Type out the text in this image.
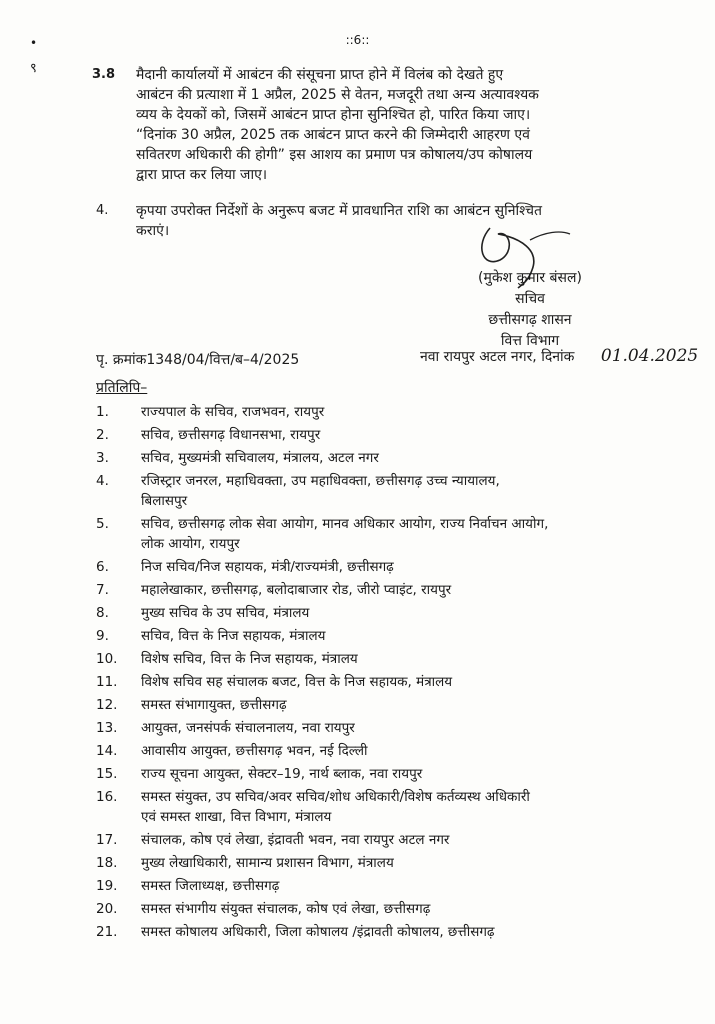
::6::
•
९	3.8 मैदानी कार्यालयों में आबंटन की संसूचना प्राप्त होने में विलंब को देखते हुए
आबंटन की प्रत्याशा में 1 अप्रैल, 2025 से वेतन, मजदूरी तथा अन्य अत्यावश्यक
व्यय के देयकों को, जिसमें आबंटन प्राप्त होना सुनिश्चित हो, पारित किया जाए।
“दिनांक 30 अप्रैल, 2025 तक आबंटन प्राप्त करने की जिम्मेदारी आहरण एवं
सवितरण अधिकारी की होगी” इस आशय का प्रमाण पत्र कोषालय/उप कोषालय
द्वारा प्राप्त कर लिया जाए।
4. कृपया उपरोक्त निर्देशों के अनुरूप बजट में प्रावधानित राशि का आबंटन सुनिश्चित
कराएं।
(मुकेश कुमार बंसल)
सचिव
छत्तीसगढ़ शासन
वित्त विभाग
पृ. क्रमांक1348/04/वित्त/ब–4/2025	नवा रायपुर अटल नगर, दिनांक 01.04.2025
प्रतिलिपि–
1.	राज्यपाल के सचिव, राजभवन, रायपुर
2.	सचिव, छत्तीसगढ़ विधानसभा, रायपुर
3.	सचिव, मुख्यमंत्री सचिवालय, मंत्रालय, अटल नगर
4.	रजिस्ट्रार जनरल, महाधिवक्ता, उप महाधिवक्ता, छत्तीसगढ़ उच्च न्यायालय,
बिलासपुर
5.	सचिव, छत्तीसगढ़ लोक सेवा आयोग, मानव अधिकार आयोग, राज्य निर्वाचन आयोग,
लोक आयोग, रायपुर
6.	निज सचिव/निज सहायक, मंत्री/राज्यमंत्री, छत्तीसगढ़
7.	महालेखाकार, छत्तीसगढ़, बलोदाबाजार रोड, जीरो प्वाइंट, रायपुर
8.	मुख्य सचिव के उप सचिव, मंत्रालय
9.	सचिव, वित्त के निज सहायक, मंत्रालय
10.	विशेष सचिव, वित्त के निज सहायक, मंत्रालय
11.	विशेष सचिव सह संचालक बजट, वित्त के निज सहायक, मंत्रालय
12.	समस्त संभागायुक्त, छत्तीसगढ़
13.	आयुक्त, जनसंपर्क संचालनालय, नवा रायपुर
14.	आवासीय आयुक्त, छत्तीसगढ़ भवन, नई दिल्ली
15.	राज्य सूचना आयुक्त, सेक्टर–19, नार्थ ब्लाक, नवा रायपुर
16.	समस्त संयुक्त, उप सचिव/अवर सचिव/शोध अधिकारी/विशेष कर्तव्यस्थ अधिकारी
एवं समस्त शाखा, वित्त विभाग, मंत्रालय
17.	संचालक, कोष एवं लेखा, इंद्रावती भवन, नवा रायपुर अटल नगर
18.	मुख्य लेखाधिकारी, सामान्य प्रशासन विभाग, मंत्रालय
19.	समस्त जिलाध्यक्ष, छत्तीसगढ़
20.	समस्त संभागीय संयुक्त संचालक, कोष एवं लेखा, छत्तीसगढ़
21.	समस्त कोषालय अधिकारी, जिला कोषालय /इंद्रावती कोषालय, छत्तीसगढ़
